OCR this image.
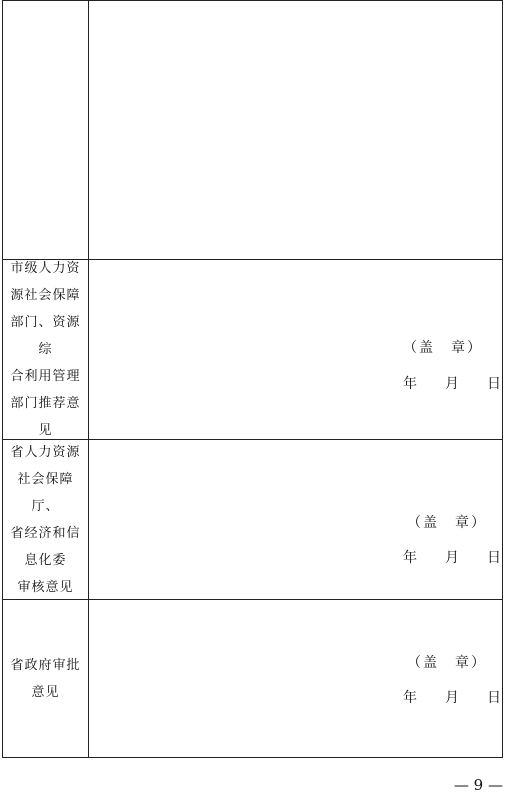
市级人力资
源社会保障
部门、资源综
合利用管理
部门推荐意
见
（盖　章）
年　　月　　日
省人力资源
社会保障厅、
省经济和信
息化委
审核意见
（盖　章）
年　　月　　日
省政府审批
意见
（盖　章）
年　　月　　日
— 9 —
